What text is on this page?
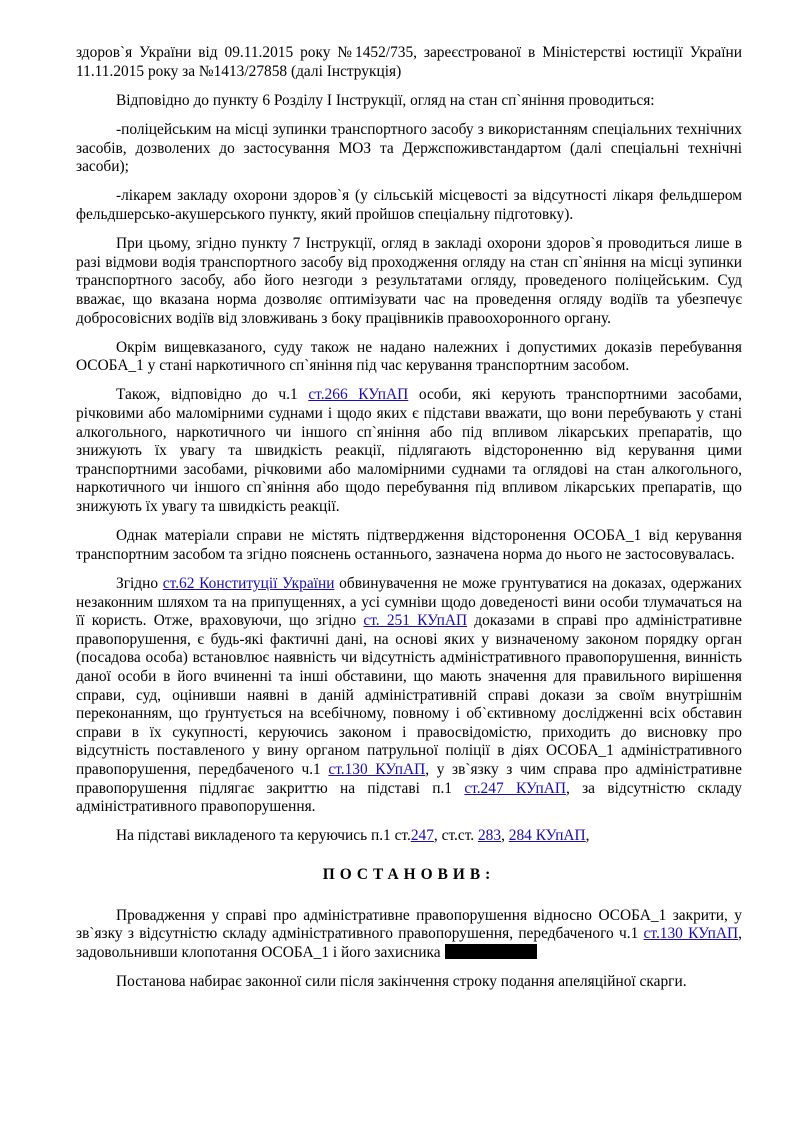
здоров`я України від 09.11.2015 року №1452/735, зареєстрованої в Міністерстві юстиції України 11.11.2015 року за №1413/27858 (далі Інструкція)

Відповідно до пункту 6 Розділу І Інструкції, огляд на стан сп`яніння проводиться:

-поліцейським на місці зупинки транспортного засобу з використанням спеціальних технічних засобів, дозволених до застосування МОЗ та Держспоживстандартом (далі спеціальні технічні засоби);

-лікарем закладу охорони здоров`я (у сільській місцевості за відсутності лікаря фельдшером фельдшерсько-акушерського пункту, який пройшов спеціальну підготовку).

При цьому, згідно пункту 7 Інструкції, огляд в закладі охорони здоров`я проводиться лише в разі відмови водія транспортного засобу від проходження огляду на стан сп`яніння на місці зупинки транспортного засобу, або його незгоди з результатами огляду, проведеного поліцейським. Суд вважає, що вказана норма дозволяє оптимізувати час на проведення огляду водіїв та убезпечує добросовісних водіїв від зловживань з боку працівників правоохоронного органу.

Окрім вищевказаного, суду також не надано належних і допустимих доказів перебування ОСОБА_1 у стані наркотичного сп`яніння під час керування транспортним засобом.

Також, відповідно до ч.1 ст.266 КУпАП особи, які керують транспортними засобами, річковими або маломірними суднами і щодо яких є підстави вважати, що вони перебувають у стані алкогольного, наркотичного чи іншого сп`яніння або під впливом лікарських препаратів, що знижують їх увагу та швидкість реакції, підлягають відстороненню від керування цими транспортними засобами, річковими або маломірними суднами та оглядові на стан алкогольного, наркотичного чи іншого сп`яніння або щодо перебування під впливом лікарських препаратів, що знижують їх увагу та швидкість реакції.

Однак матеріали справи не містять підтвердження відсторонення ОСОБА_1 від керування транспортним засобом та згідно пояснень останнього, зазначена норма до нього не застосовувалась.

Згідно ст.62 Конституції України обвинувачення не може грунтуватися на доказах, одержаних незаконним шляхом та на припущеннях, а усі сумніви щодо доведеності вини особи тлумачаться на її користь. Отже, враховуючи, що згідно ст. 251 КУпАП доказами в справі про адміністративне правопорушення, є будь-які фактичні дані, на основі яких у визначеному законом порядку орган (посадова особа) встановлює наявність чи відсутність адміністративного правопорушення, винність даної особи в його вчиненні та інші обставини, що мають значення для правильного вирішення справи, суд, оцінивши наявні в даній адміністративній справі докази за своїм внутрішнім переконанням, що ґрунтується на всебічному, повному і об`єктивному дослідженні всіх обставин справи в їх сукупності, керуючись законом і правосвідомістю, приходить до висновку про відсутність поставленого у вину органом патрульної поліції в діях ОСОБА_1 адміністративного правопорушення, передбаченого ч.1 ст.130 КУпАП, у зв`язку з чим справа про адміністративне правопорушення підлягає закриттю на підставі п.1 ст.247 КУпАП, за відсутністю складу адміністративного правопорушення.

На підставі викладеного та керуючись п.1 ст.247, ст.ст. 283, 284 КУпАП,

ПОСТАНОВИВ:

Провадження у справі про адміністративне правопорушення відносно ОСОБА_1 закрити, у зв`язку з відсутністю складу адміністративного правопорушення, передбаченого ч.1 ст.130 КУпАП, задовольнивши клопотання ОСОБА_1 і його захисника

Постанова набирає законної сили після закінчення строку подання апеляційної скарги.
